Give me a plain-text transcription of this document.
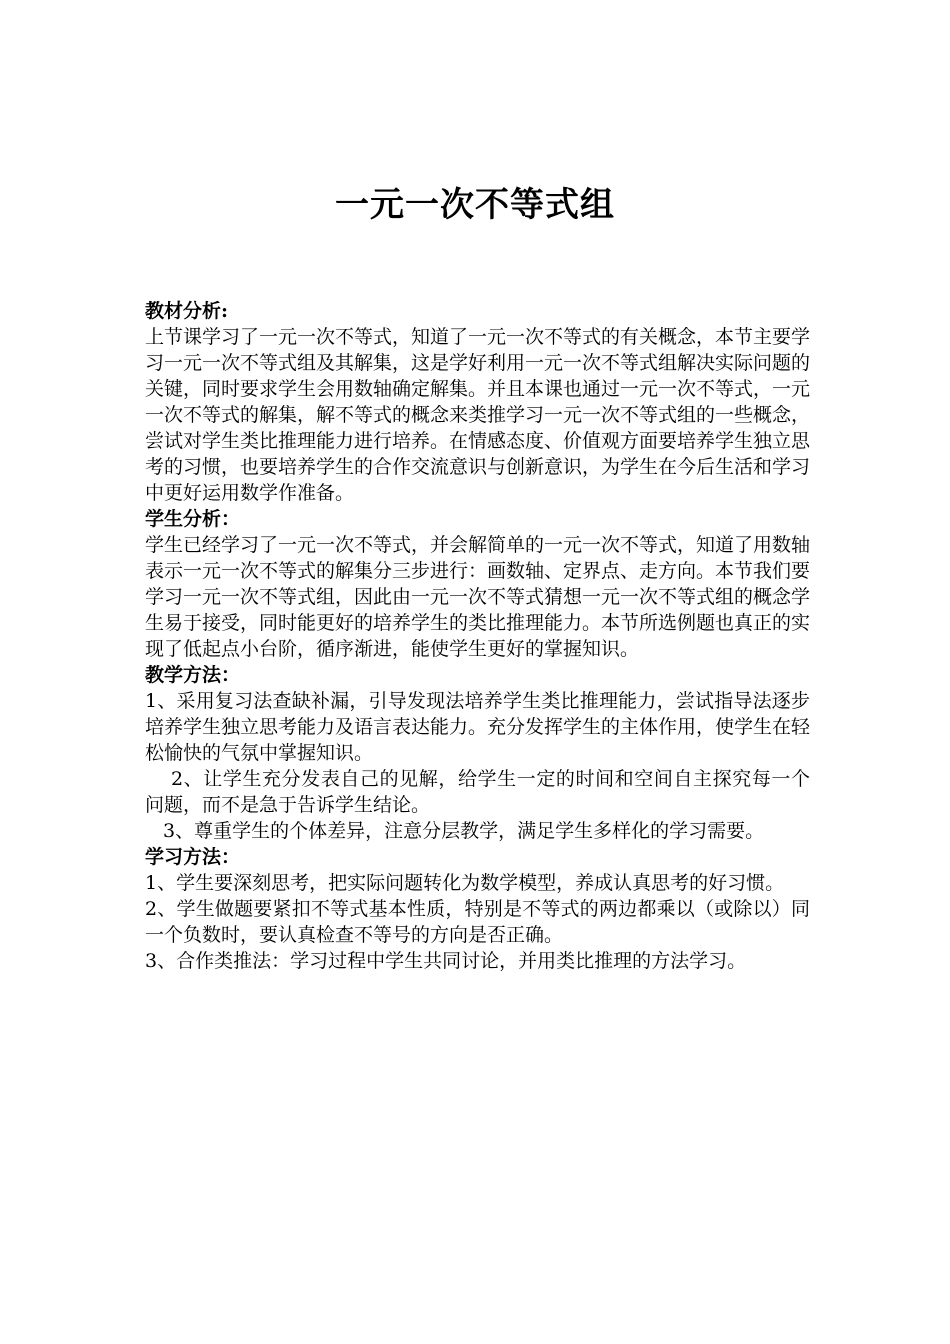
一元一次不等式组

教材分析:

上节课学习了一元一次不等式，知道了一元一次不等式的有关概念，本节主要学习一元一次不等式组及其解集，这是学好利用一元一次不等式组解决实际问题的关键，同时要求学生会用数轴确定解集。并且本课也通过一元一次不等式，一元一次不等式的解集，解不等式的概念来类推学习一元一次不等式组的一些概念，尝试对学生类比推理能力进行培养。在情感态度、价值观方面要培养学生独立思考的习惯，也要培养学生的合作交流意识与创新意识，为学生在今后生活和学习中更好运用数学作准备。

学生分析：

学生已经学习了一元一次不等式，并会解简单的一元一次不等式，知道了用数轴表示一元一次不等式的解集分三步进行：画数轴、定界点、走方向。本节我们要学习一元一次不等式组，因此由一元一次不等式猜想一元一次不等式组的概念学生易于接受，同时能更好的培养学生的类比推理能力。本节所选例题也真正的实现了低起点小台阶，循序渐进，能使学生更好的掌握知识。

教学方法：

1、采用复习法查缺补漏，引导发现法培养学生类比推理能力，尝试指导法逐步培养学生独立思考能力及语言表达能力。充分发挥学生的主体作用，使学生在轻松愉快的气氛中掌握知识。

2、让学生充分发表自己的见解，给学生一定的时间和空间自主探究每一个问题，而不是急于告诉学生结论。

3、尊重学生的个体差异，注意分层教学，满足学生多样化的学习需要。

学习方法：

1、学生要深刻思考，把实际问题转化为数学模型，养成认真思考的好习惯。

2、学生做题要紧扣不等式基本性质，特别是不等式的两边都乘以（或除以）同一个负数时，要认真检查不等号的方向是否正确。

3、合作类推法：学习过程中学生共同讨论，并用类比推理的方法学习。
